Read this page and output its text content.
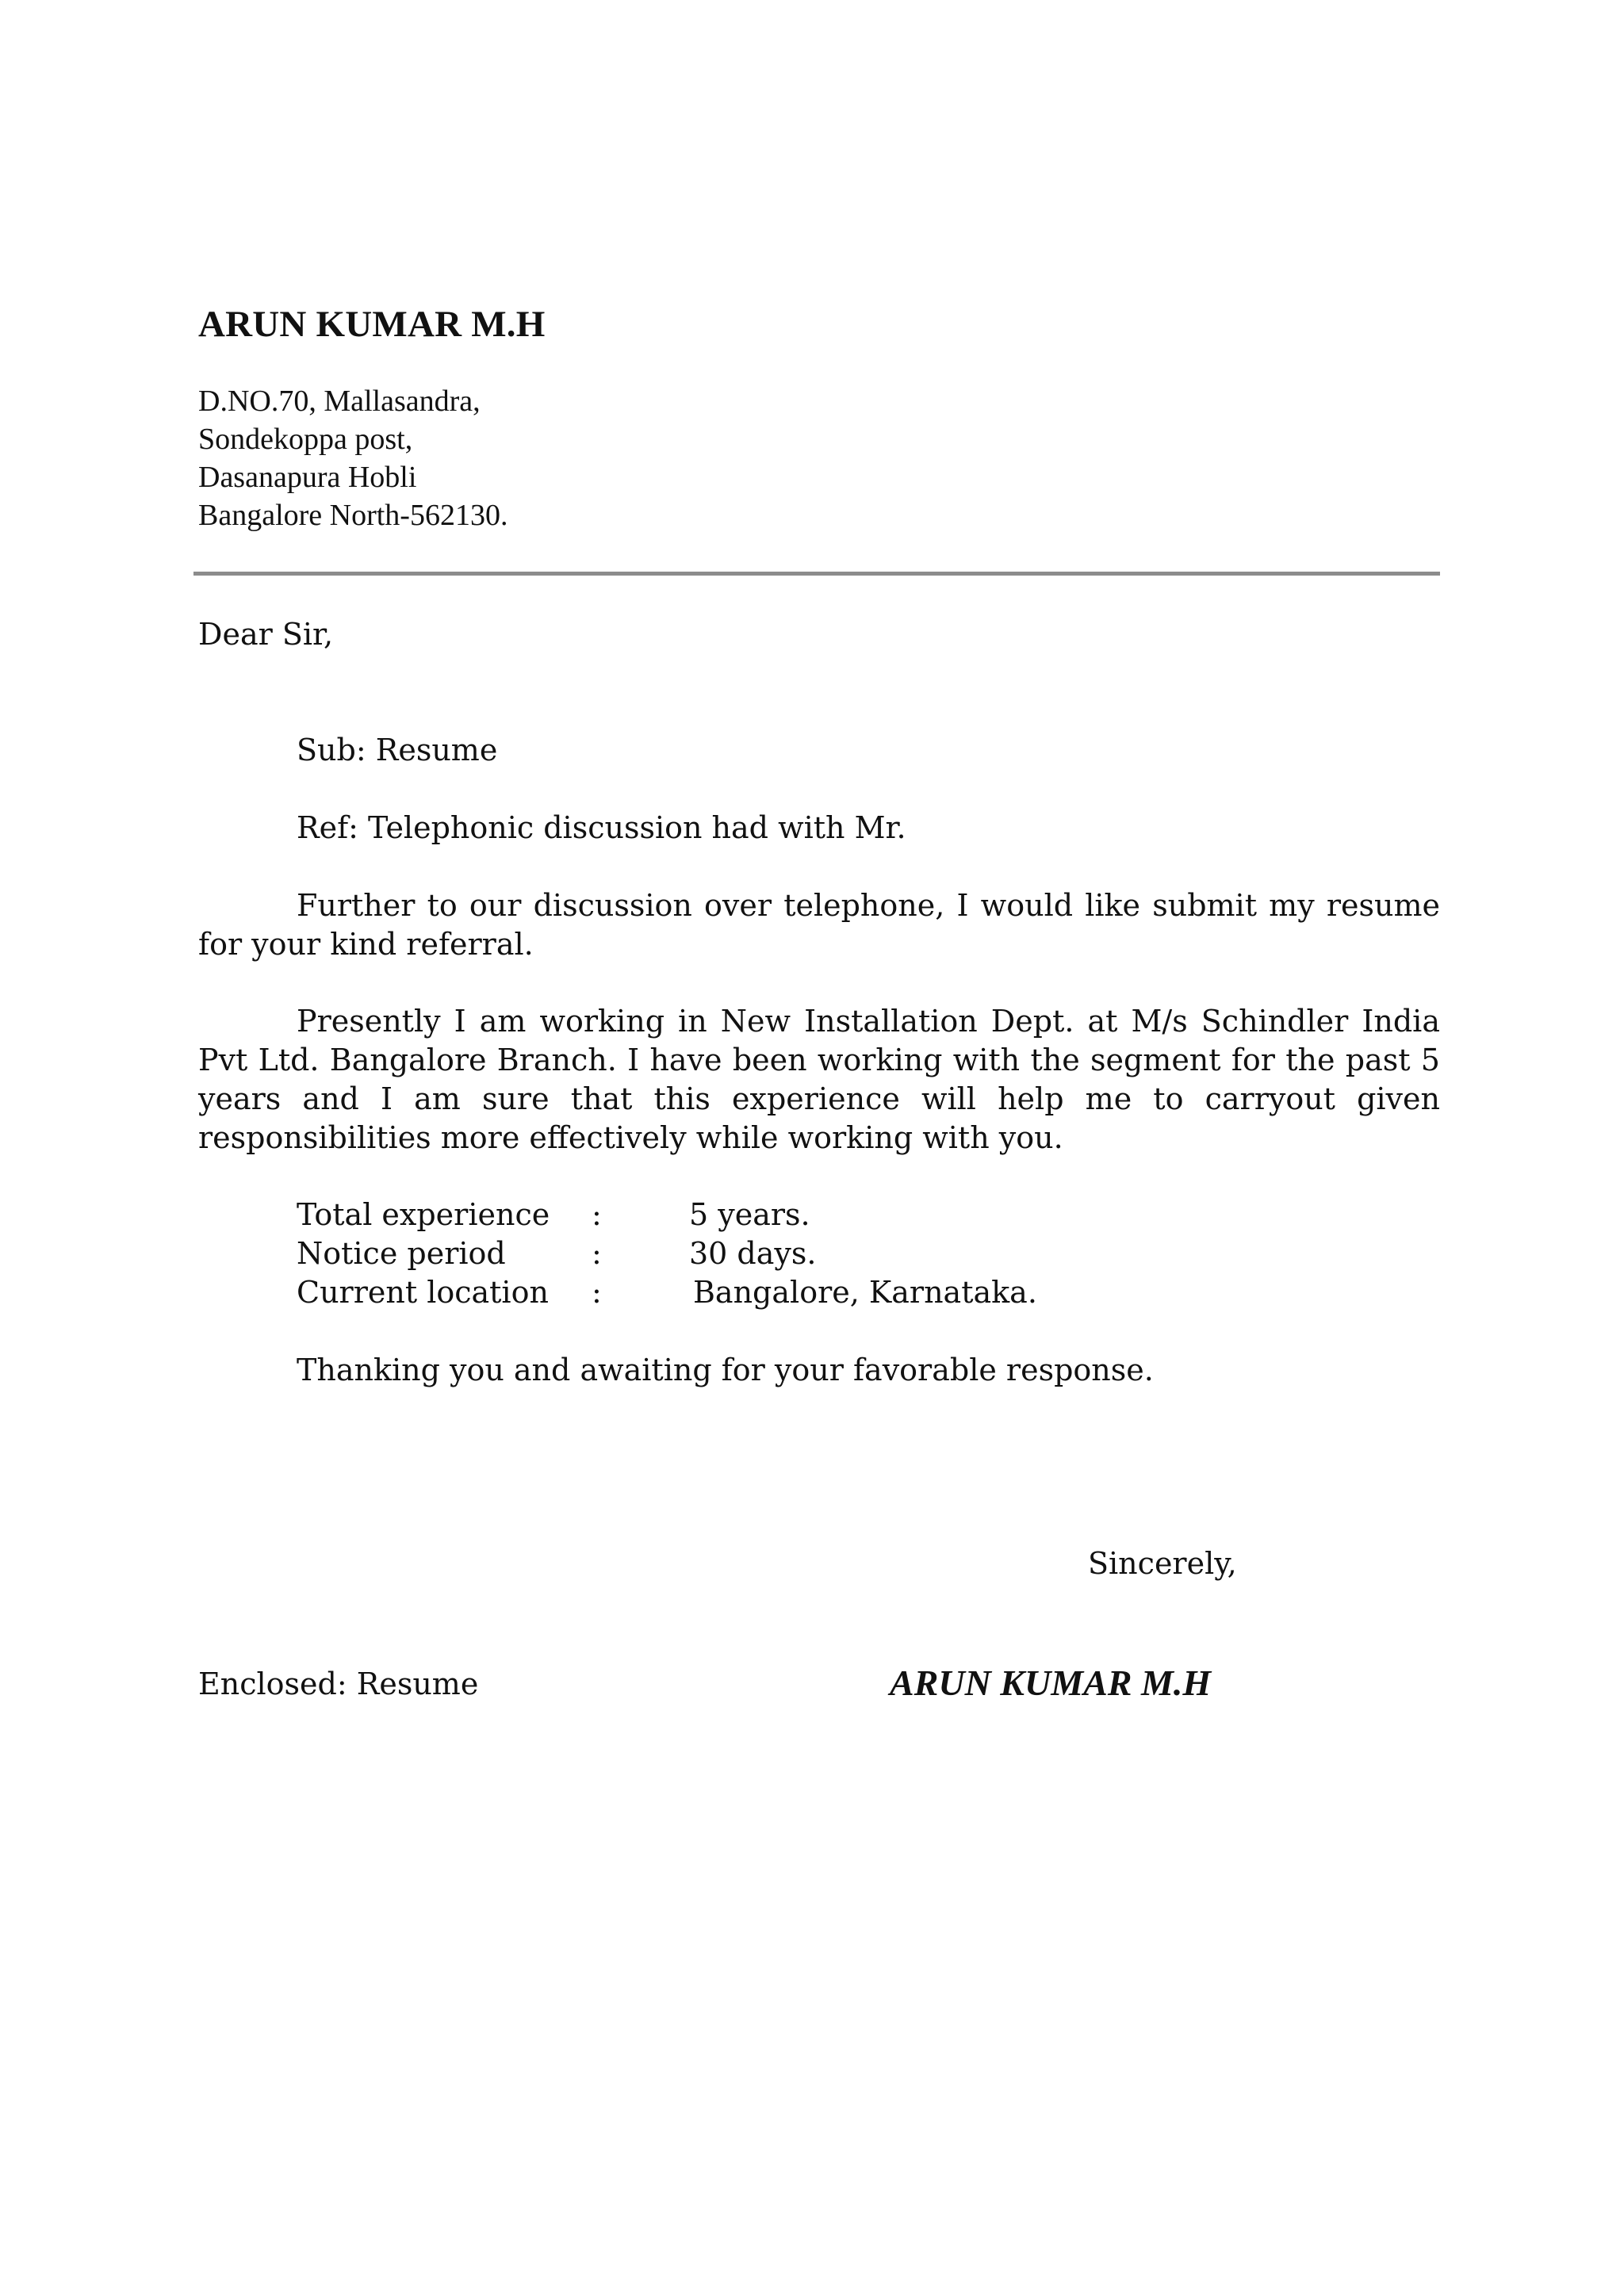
ARUN KUMAR M.H
D.NO.70, Mallasandra,
Sondekoppa post,
Dasanapura Hobli
Bangalore North-562130.
Dear Sir,
Sub: Resume
Ref: Telephonic discussion had with Mr.
Further to our discussion over telephone, I would like submit my resume for your kind referral.
Presently I am working in New Installation Dept. at M/s Schindler India Pvt Ltd. Bangalore Branch. I have been working with the segment for the past 5 years and I am sure that this experience will help me to carryout given responsibilities more effectively while working with you.
Total experience :	5 years.
Notice period	:	30 days.
Current location :	Bangalore, Karnataka.
Thanking you and awaiting for your favorable response.
Sincerely,
Enclosed: Resume	ARUN KUMAR M.H
